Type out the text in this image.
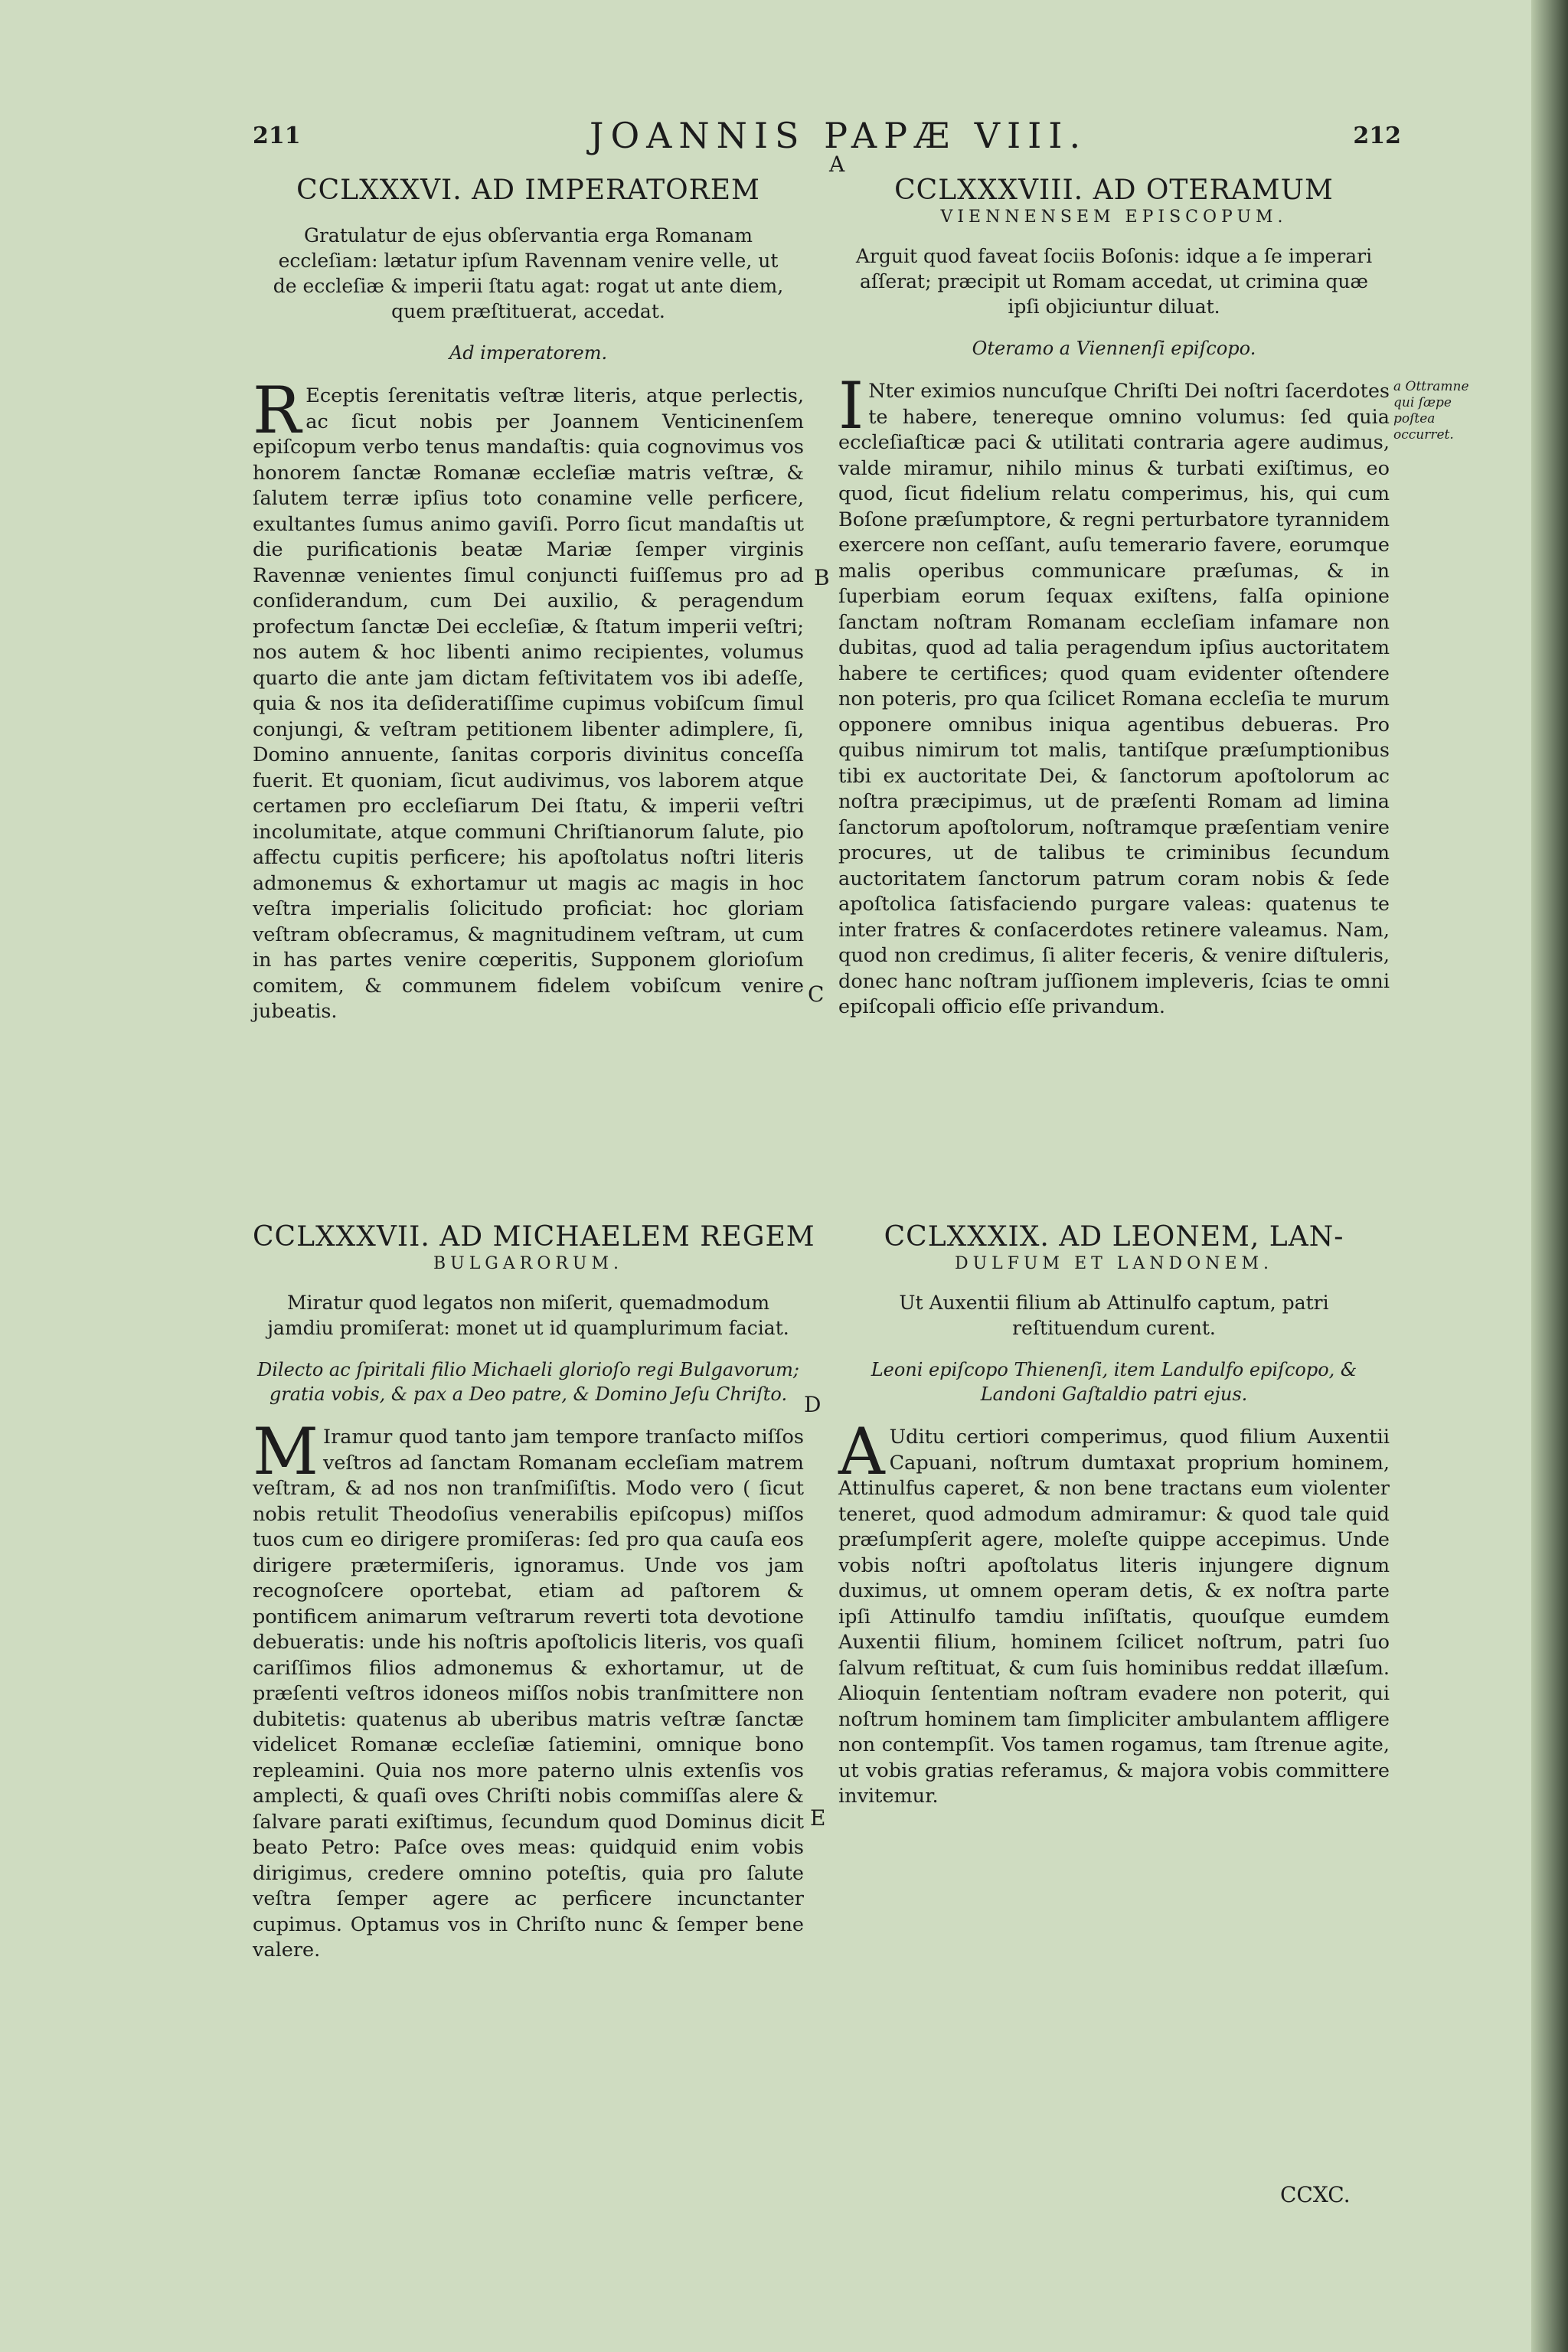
211	JOANNIS PAPÆ VIII.	212
A
B
C
D
E
CCLXXXVI. AD IMPERATOREM
Gratulatur de ejus obſervantia erga Romanam eccleſiam: lætatur ipſum Ravennam venire velle, ut de eccleſiæ & imperii ſtatu agat: rogat ut ante diem, quem præſtituerat, accedat.
Ad imperatorem.
R Eceptis ſerenitatis veſtræ literis, atque perlectis, ac ſicut nobis per Joannem Venticinenſem epiſcopum verbo tenus mandaſtis: quia cognovimus vos honorem ſanctæ Romanæ eccleſiæ matris veſtræ, & ſalutem terræ ipſius toto conamine velle perficere, exultantes ſumus animo gaviſi. Porro ſicut mandaſtis ut die purificationis beatæ Mariæ ſemper virginis Ravennæ venientes ſimul conjuncti fuiſſemus pro ad conſiderandum, cum Dei auxilio, & peragendum profectum ſanctæ Dei eccleſiæ, & ſtatum imperii veſtri; nos autem & hoc libenti animo recipientes, volumus quarto die ante jam dictam feſtivitatem vos ibi adeſſe, quia & nos ita deſideratiſſime cupimus vobiſcum ſimul conjungi, & veſtram petitionem libenter adimplere, ſi, Domino annuente, ſanitas corporis divinitus conceſſa fuerit. Et quoniam, ſicut audivimus, vos laborem atque certamen pro eccleſiarum Dei ſtatu, & imperii veſtri incolumitate, atque communi Chriſtianorum ſalute, pio affectu cupitis perficere; his apoſtolatus noſtri literis admonemus & exhortamur ut magis ac magis in hoc veſtra imperialis ſolicitudo proficiat: hoc gloriam veſtram obſecramus, & magnitudinem veſtram, ut cum in has partes venire cœperitis, Supponem glorioſum comitem, & communem fidelem vobiſcum venire jubeatis.
CCLXXXVII. AD MICHAELEM REGEM
BULGARORUM.
Miratur quod legatos non miſerit, quemadmodum jamdiu promiſerat: monet ut id quamplurimum faciat.
Dilecto ac ſpiritali filio Michaeli glorioſo regi Bulgavorum; gratia vobis, & pax a Deo patre, & Domino Jeſu Chriſto.
M Iramur quod tanto jam tempore tranſacto miſſos veſtros ad ſanctam Romanam eccleſiam matrem veſtram, & ad nos non tranſmiſiſtis. Modo vero ( ſicut nobis retulit Theodoſius venerabilis epiſcopus) miſſos tuos cum eo dirigere promiſeras: ſed pro qua cauſa eos dirigere prætermiſeris, ignoramus. Unde vos jam recognoſcere oportebat, etiam ad paſtorem & pontificem animarum veſtrarum reverti tota devotione debueratis: unde his noſtris apoſtolicis literis, vos quaſi cariſſimos filios admonemus & exhortamur, ut de præſenti veſtros idoneos miſſos nobis tranſmittere non dubitetis: quatenus ab uberibus matris veſtræ ſanctæ videlicet Romanæ eccleſiæ ſatiemini, omnique bono repleamini. Quia nos more paterno ulnis extenſis vos amplecti, & quaſi oves Chriſti nobis commiſſas alere & ſalvare parati exiſtimus, ſecundum quod Dominus dicit beato Petro: Paſce oves meas: quidquid enim vobis dirigimus, credere omnino poteſtis, quia pro ſalute veſtra ſemper agere ac perficere incunctanter cupimus. Optamus vos in Chriſto nunc & ſemper bene valere.
CCLXXXVIII. AD OTERAMUM
VIENNENSEM EPISCOPUM.
Arguit quod faveat ſociis Boſonis: idque a ſe imperari aſſerat; præcipit ut Romam accedat, ut crimina quæ ipſi objiciuntur diluat.
Oteramo a Viennenſi epiſcopo.
I Nter eximios nuncuſque Chriſti Dei noſtri ſacerdotes te habere, tenereque omnino volumus: ſed quia eccleſiaſticæ paci & utilitati contraria agere audimus, valde miramur, nihilo minus & turbati exiſtimus, eo quod, ſicut fidelium relatu comperimus, his, qui cum Boſone præſumptore, & regni perturbatore tyrannidem exercere non ceſſant, auſu temerario favere, eorumque malis operibus communicare præſumas, & in ſuperbiam eorum ſequax exiſtens, falſa opinione ſanctam noſtram Romanam eccleſiam infamare non dubitas, quod ad talia peragendum ipſius auctoritatem habere te certifices; quod quam evidenter oſtendere non poteris, pro qua ſcilicet Romana eccleſia te murum opponere omnibus iniqua agentibus debueras. Pro quibus nimirum tot malis, tantiſque præſumptionibus tibi ex auctoritate Dei, & ſanctorum apoſtolorum ac noſtra præcipimus, ut de præſenti Romam ad limina ſanctorum apoſtolorum, noſtramque præſentiam venire procures, ut de talibus te criminibus ſecundum auctoritatem ſanctorum patrum coram nobis & ſede apoſtolica ſatisfaciendo purgare valeas: quatenus te inter fratres & conſacerdotes retinere valeamus. Nam, quod non credimus, ſi aliter feceris, & venire diſtuleris, donec hanc noſtram juſſionem impleveris, ſcias te omni epiſcopali officio eſſe privandum.
CCLXXXIX. AD LEONEM, LAN-
DULFUM ET LANDONEM.
Ut Auxentii filium ab Attinulfo captum, patri reſtituendum curent.
Leoni epiſcopo Thienenſi, item Landulfo epiſcopo, & Landoni Gaſtaldio patri ejus.
A Uditu certiori comperimus, quod filium Auxentii Capuani, noſtrum dumtaxat proprium hominem, Attinulfus caperet, & non bene tractans eum violenter teneret, quod admodum admiramur: & quod tale quid præſumpſerit agere, moleſte quippe accepimus. Unde vobis noſtri apoſtolatus literis injungere dignum duximus, ut omnem operam detis, & ex noſtra parte ipſi Attinulfo tamdiu inſiſtatis, quouſque eumdem Auxentii filium, hominem ſcilicet noſtrum, patri ſuo ſalvum reſtituat, & cum ſuis hominibus reddat illæſum. Alioquin ſententiam noſtram evadere non poterit, qui noſtrum hominem tam ſimpliciter ambulantem affligere non contempſit. Vos tamen rogamus, tam ſtrenue agite, ut vobis gratias referamus, & majora vobis committere invitemur.
a Ottramne qui ſæpe poſtea occurret.
CCXC.
